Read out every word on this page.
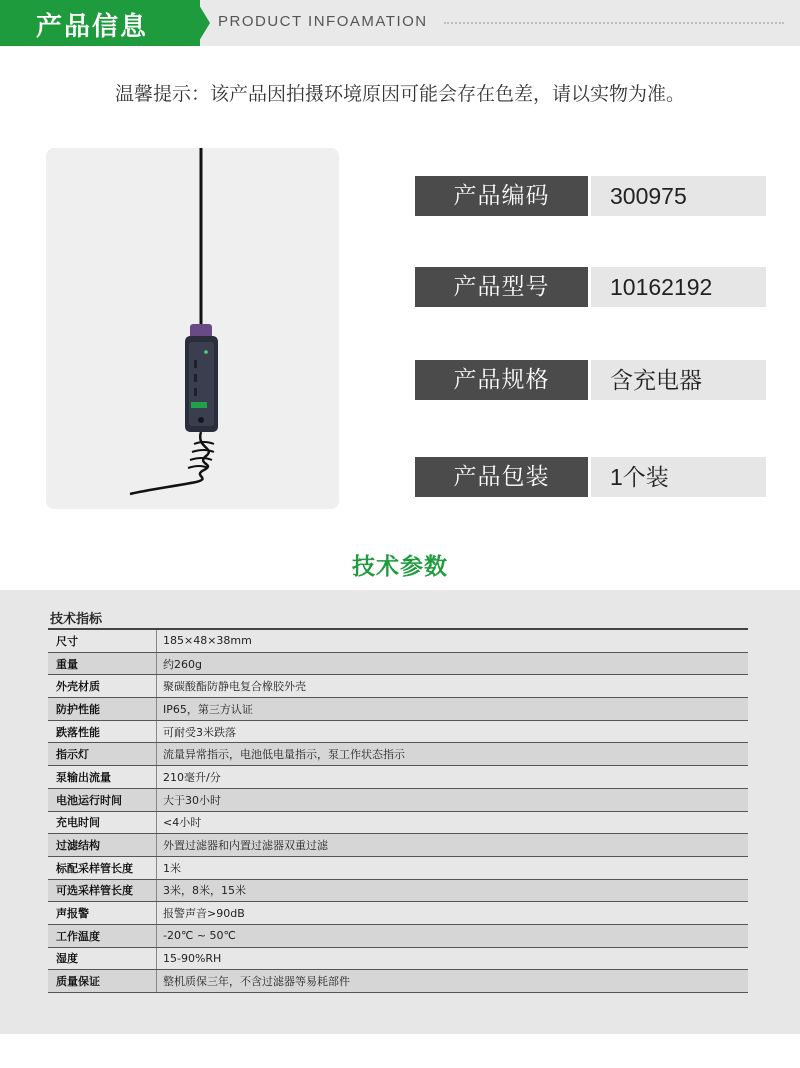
产品信息	PRODUCT INFOAMATION
温馨提示：该产品因拍摄环境原因可能会存在色差，请以实物为准。
产品编码	300975
产品型号	10162192
产品规格	含充电器
产品包装	1个装
技术参数
技术指标
尺寸	185×48×38mm
重量	约260g
外壳材质	聚碳酸酯防静电复合橡胶外壳
防护性能	IP65，第三方认证
跌落性能	可耐受3米跌落
指示灯	流量异常指示，电池低电量指示，泵工作状态指示
泵输出流量	210毫升/分
电池运行时间	大于30小时
充电时间	<4小时
过滤结构	外置过滤器和内置过滤器双重过滤
标配采样管长度	1米
可选采样管长度	3米，8米，15米
声报警	报警声音>90dB
工作温度	-20℃ ~ 50℃
湿度	15-90%RH
质量保证	整机质保三年，不含过滤器等易耗部件
